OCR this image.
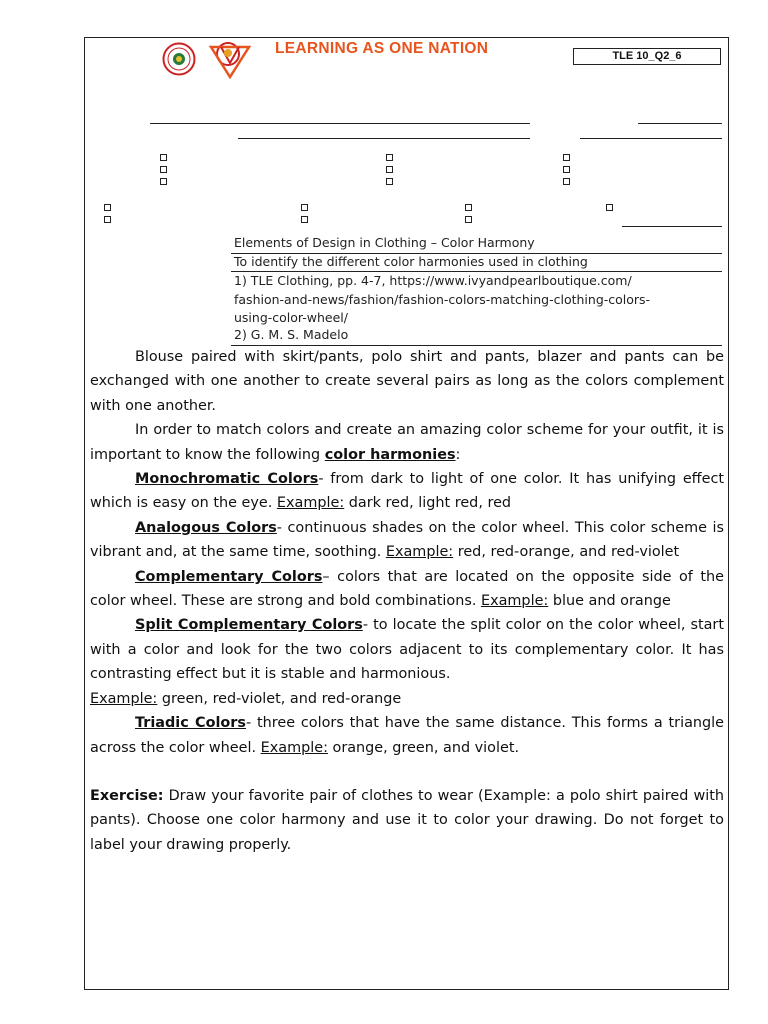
LEARNING AS ONE NATION	TLE 10_Q2_6
Elements of Design in Clothing – Color Harmony
To identify the different color harmonies used in clothing
1) TLE Clothing, pp. 4-7, https://www.ivyandpearlboutique.com/
fashion-and-news/fashion/fashion-colors-matching-clothing-colors-
using-color-wheel/
2) G. M. S. Madelo

Blouse paired with skirt/pants, polo shirt and pants, blazer and pants can be exchanged with one another to create several pairs as long as the colors complement with one another.

In order to match colors and create an amazing color scheme for your outfit, it is important to know the following color harmonies:

Monochromatic Colors- from dark to light of one color. It has unifying effect which is easy on the eye. Example: dark red, light red, red

Analogous Colors- continuous shades on the color wheel. This color scheme is vibrant and, at the same time, soothing. Example: red, red-orange, and red-violet

Complementary Colors– colors that are located on the opposite side of the color wheel. These are strong and bold combinations. Example: blue and orange

Split Complementary Colors- to locate the split color on the color wheel, start with a color and look for the two colors adjacent to its complementary color. It has contrasting effect but it is stable and harmonious.

Example: green, red-violet, and red-orange

Triadic Colors- three colors that have the same distance. This forms a triangle across the color wheel. Example: orange, green, and violet.

Exercise: Draw your favorite pair of clothes to wear (Example: a polo shirt paired with pants). Choose one color harmony and use it to color your drawing. Do not forget to label your drawing properly.
